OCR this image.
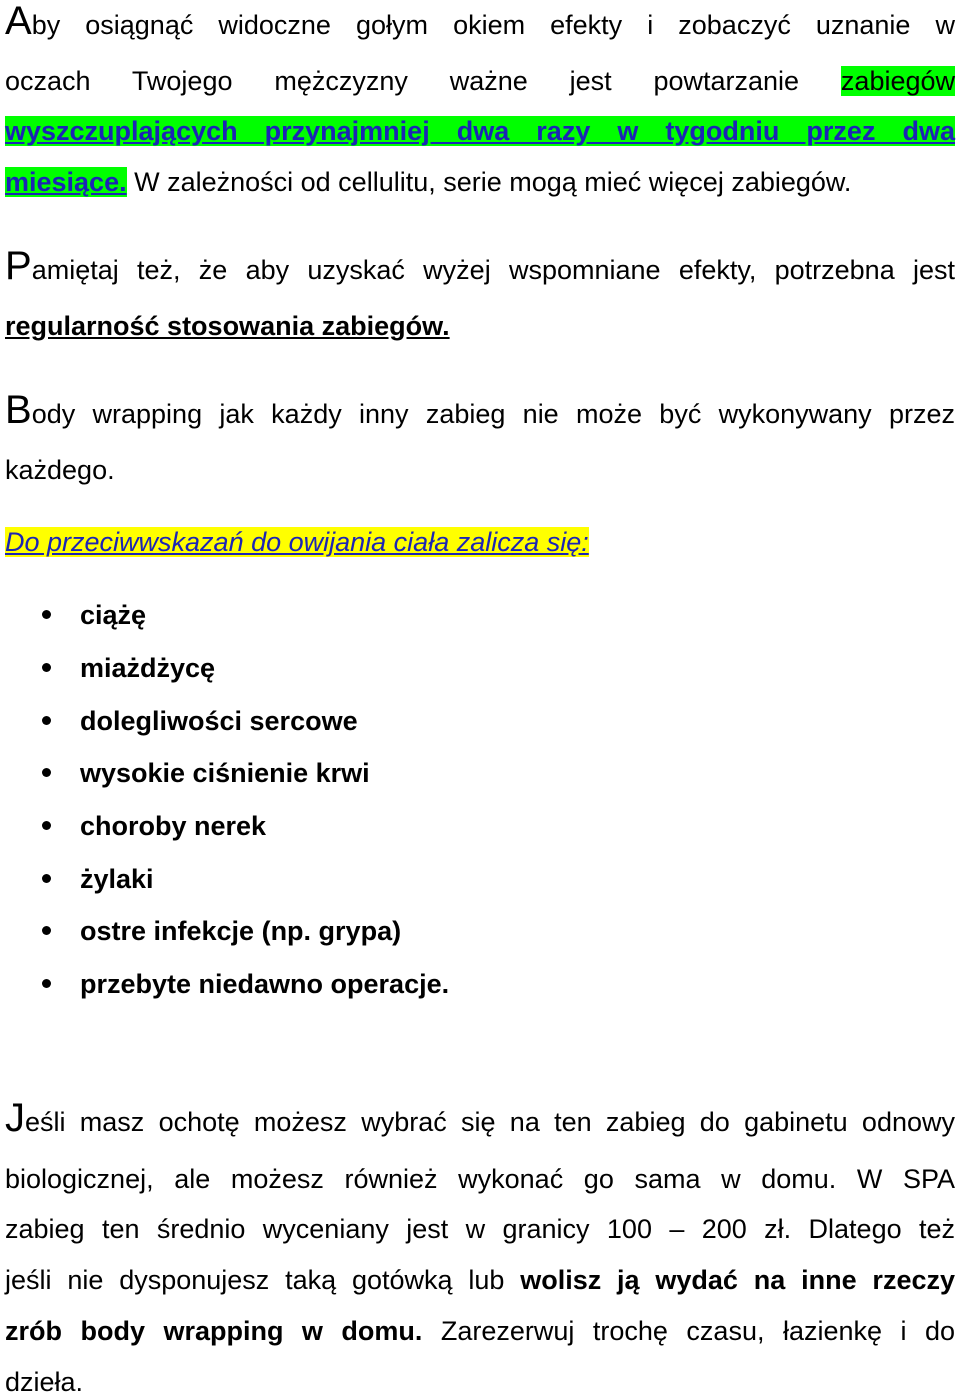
Aby osiągnąć widoczne gołym okiem efekty i zobaczyć uznanie w
oczach Twojego mężczyzny ważne jest powtarzanie zabiegów
wyszczuplających przynajmniej dwa razy w tygodniu przez dwa
miesiące. W zależności od cellulitu, serie mogą mieć więcej zabiegów.
Pamiętaj też, że aby uzyskać wyżej wspomniane efekty, potrzebna jest
regularność stosowania zabiegów.
Body wrapping jak każdy inny zabieg nie może być wykonywany przez
każdego.
Do przeciwwskazań do owijania ciała zalicza się:
ciążę
miażdżycę
dolegliwości sercowe
wysokie ciśnienie krwi
choroby nerek
żylaki
ostre infekcje (np. grypa)
przebyte niedawno operacje.
Jeśli masz ochotę możesz wybrać się na ten zabieg do gabinetu odnowy
biologicznej, ale możesz również wykonać go sama w domu. W SPA
zabieg ten średnio wyceniany jest w granicy 100 – 200 zł. Dlatego też
jeśli nie dysponujesz taką gotówką lub wolisz ją wydać na inne rzeczy
zrób body wrapping w domu. Zarezerwuj trochę czasu, łazienkę i do
dzieła.
